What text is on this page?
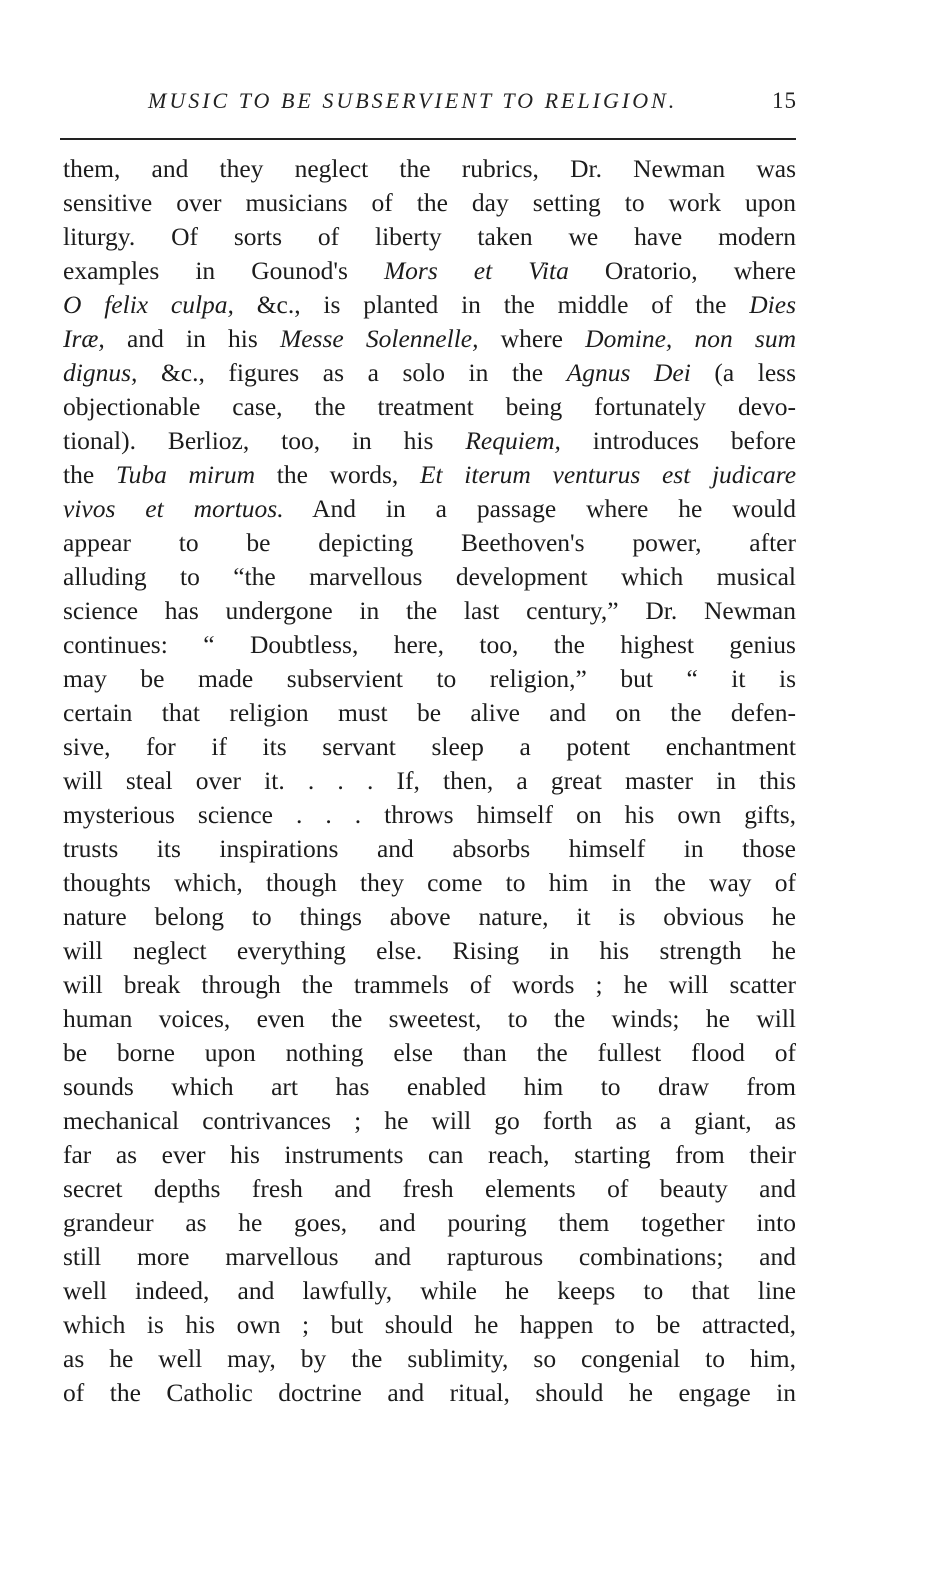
MUSIC TO BE SUBSERVIENT TO RELIGION.	15
them, and they neglect the rubrics, Dr. Newman was
sensitive over musicians of the day setting to work upon
liturgy. Of sorts of liberty taken we have modern
examples in Gounod's Mors et Vita Oratorio, where
O felix culpa, &c., is planted in the middle of the Dies
Iræ, and in his Messe Solennelle, where Domine, non sum
dignus, &c., figures as a solo in the Agnus Dei (a less
objectionable case, the treatment being fortunately devo-
tional). Berlioz, too, in his Requiem, introduces before
the Tuba mirum the words, Et iterum venturus est judicare
vivos et mortuos. And in a passage where he would
appear to be depicting Beethoven's power, after
alluding to “the marvellous development which musical
science has undergone in the last century,” Dr. Newman
continues: “ Doubtless, here, too, the highest genius
may be made subservient to religion,” but “ it is
certain that religion must be alive and on the defen-
sive, for if its servant sleep a potent enchantment
will steal over it. . . . If, then, a great master in this
mysterious science . . . throws himself on his own gifts,
trusts its inspirations and absorbs himself in those
thoughts which, though they come to him in the way of
nature belong to things above nature, it is obvious he
will neglect everything else. Rising in his strength he
will break through the trammels of words ; he will scatter
human voices, even the sweetest, to the winds; he will
be borne upon nothing else than the fullest flood of
sounds which art has enabled him to draw from
mechanical contrivances ; he will go forth as a giant, as
far as ever his instruments can reach, starting from their
secret depths fresh and fresh elements of beauty and
grandeur as he goes, and pouring them together into
still more marvellous and rapturous combinations; and
well indeed, and lawfully, while he keeps to that line
which is his own ; but should he happen to be attracted,
as he well may, by the sublimity, so congenial to him,
of the Catholic doctrine and ritual, should he engage in
